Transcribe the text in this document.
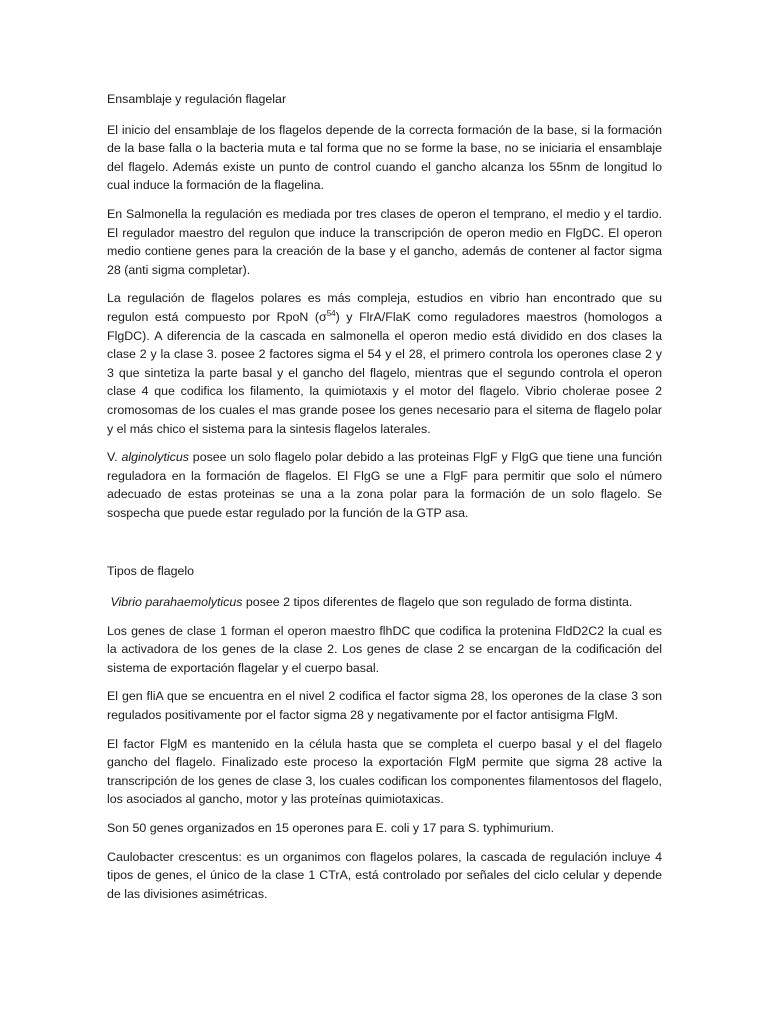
Ensamblaje y regulación flagelar

El inicio del ensamblaje de los flagelos depende de la correcta formación de la base, si la formación de la base falla o la bacteria muta e tal forma que no se forme la base, no se iniciaria el ensamblaje del flagelo. Además existe un punto de control cuando el gancho alcanza los 55nm de longitud lo cual induce la formación de la flagelina.

En Salmonella la regulación es mediada por tres clases de operon el temprano, el medio y el tardio. El regulador maestro del regulon que induce la transcripción de operon medio en FlgDC. El operon medio contiene genes para la creación de la base y el gancho, además de contener al factor sigma 28 (anti sigma completar).

La regulación de flagelos polares es más compleja, estudios en vibrio han encontrado que su regulon está compuesto por RpoN $(\sigma^{54})$ y FlrA/FlaK como reguladores maestros (homologos a FlgDC). A diferencia de la cascada en salmonella el operon medio está dividido en dos clases la clase 2 y la clase 3. posee 2 factores sigma el 54 y el 28, el primero controla los operones clase 2 y 3 que sintetiza la parte basal y el gancho del flagelo, mientras que el segundo controla el operon clase 4 que codifica los filamento, la quimiotaxis y el motor del flagelo. Vibrio cholerae posee 2 cromosomas de los cuales el mas grande posee los genes necesario para el sitema de flagelo polar y el más chico el sistema para la sintesis flagelos laterales.

V. alginolyticus posee un solo flagelo polar debido a las proteinas FlgF y FlgG que tiene una función reguladora en la formación de flagelos. El FlgG se une a FlgF para permitir que solo el número adecuado de estas proteinas se una a la zona polar para la formación de un solo flagelo. Se sospecha que puede estar regulado por la función de la GTP asa.

Tipos de flagelo

Vibrio parahaemolyticus posee 2 tipos diferentes de flagelo que son regulado de forma distinta.

Los genes de clase 1 forman el operon maestro flhDC que codifica la protenina FldD2C2 la cual es la activadora de los genes de la clase 2. Los genes de clase 2 se encargan de la codificación del sistema de exportación flagelar y el cuerpo basal.

El gen fliA que se encuentra en el nivel 2 codifica el factor sigma 28, los operones de la clase 3 son regulados positivamente por el factor sigma 28 y negativamente por el factor antisigma FlgM.

El factor FlgM es mantenido en la célula hasta que se completa el cuerpo basal y el del flagelo gancho del flagelo. Finalizado este proceso la exportación FlgM permite que sigma 28 active la transcripción de los genes de clase 3, los cuales codifican los componentes filamentosos del flagelo, los asociados al gancho, motor y las proteínas quimiotaxicas.

Son 50 genes organizados en 15 operones para E. coli y 17 para S. typhimurium.

Caulobacter crescentus: es un organimos con flagelos polares, la cascada de regulación incluye 4 tipos de genes, el único de la clase 1 CTrA, está controlado por señales del ciclo celular y depende de las divisiones asimétricas.
